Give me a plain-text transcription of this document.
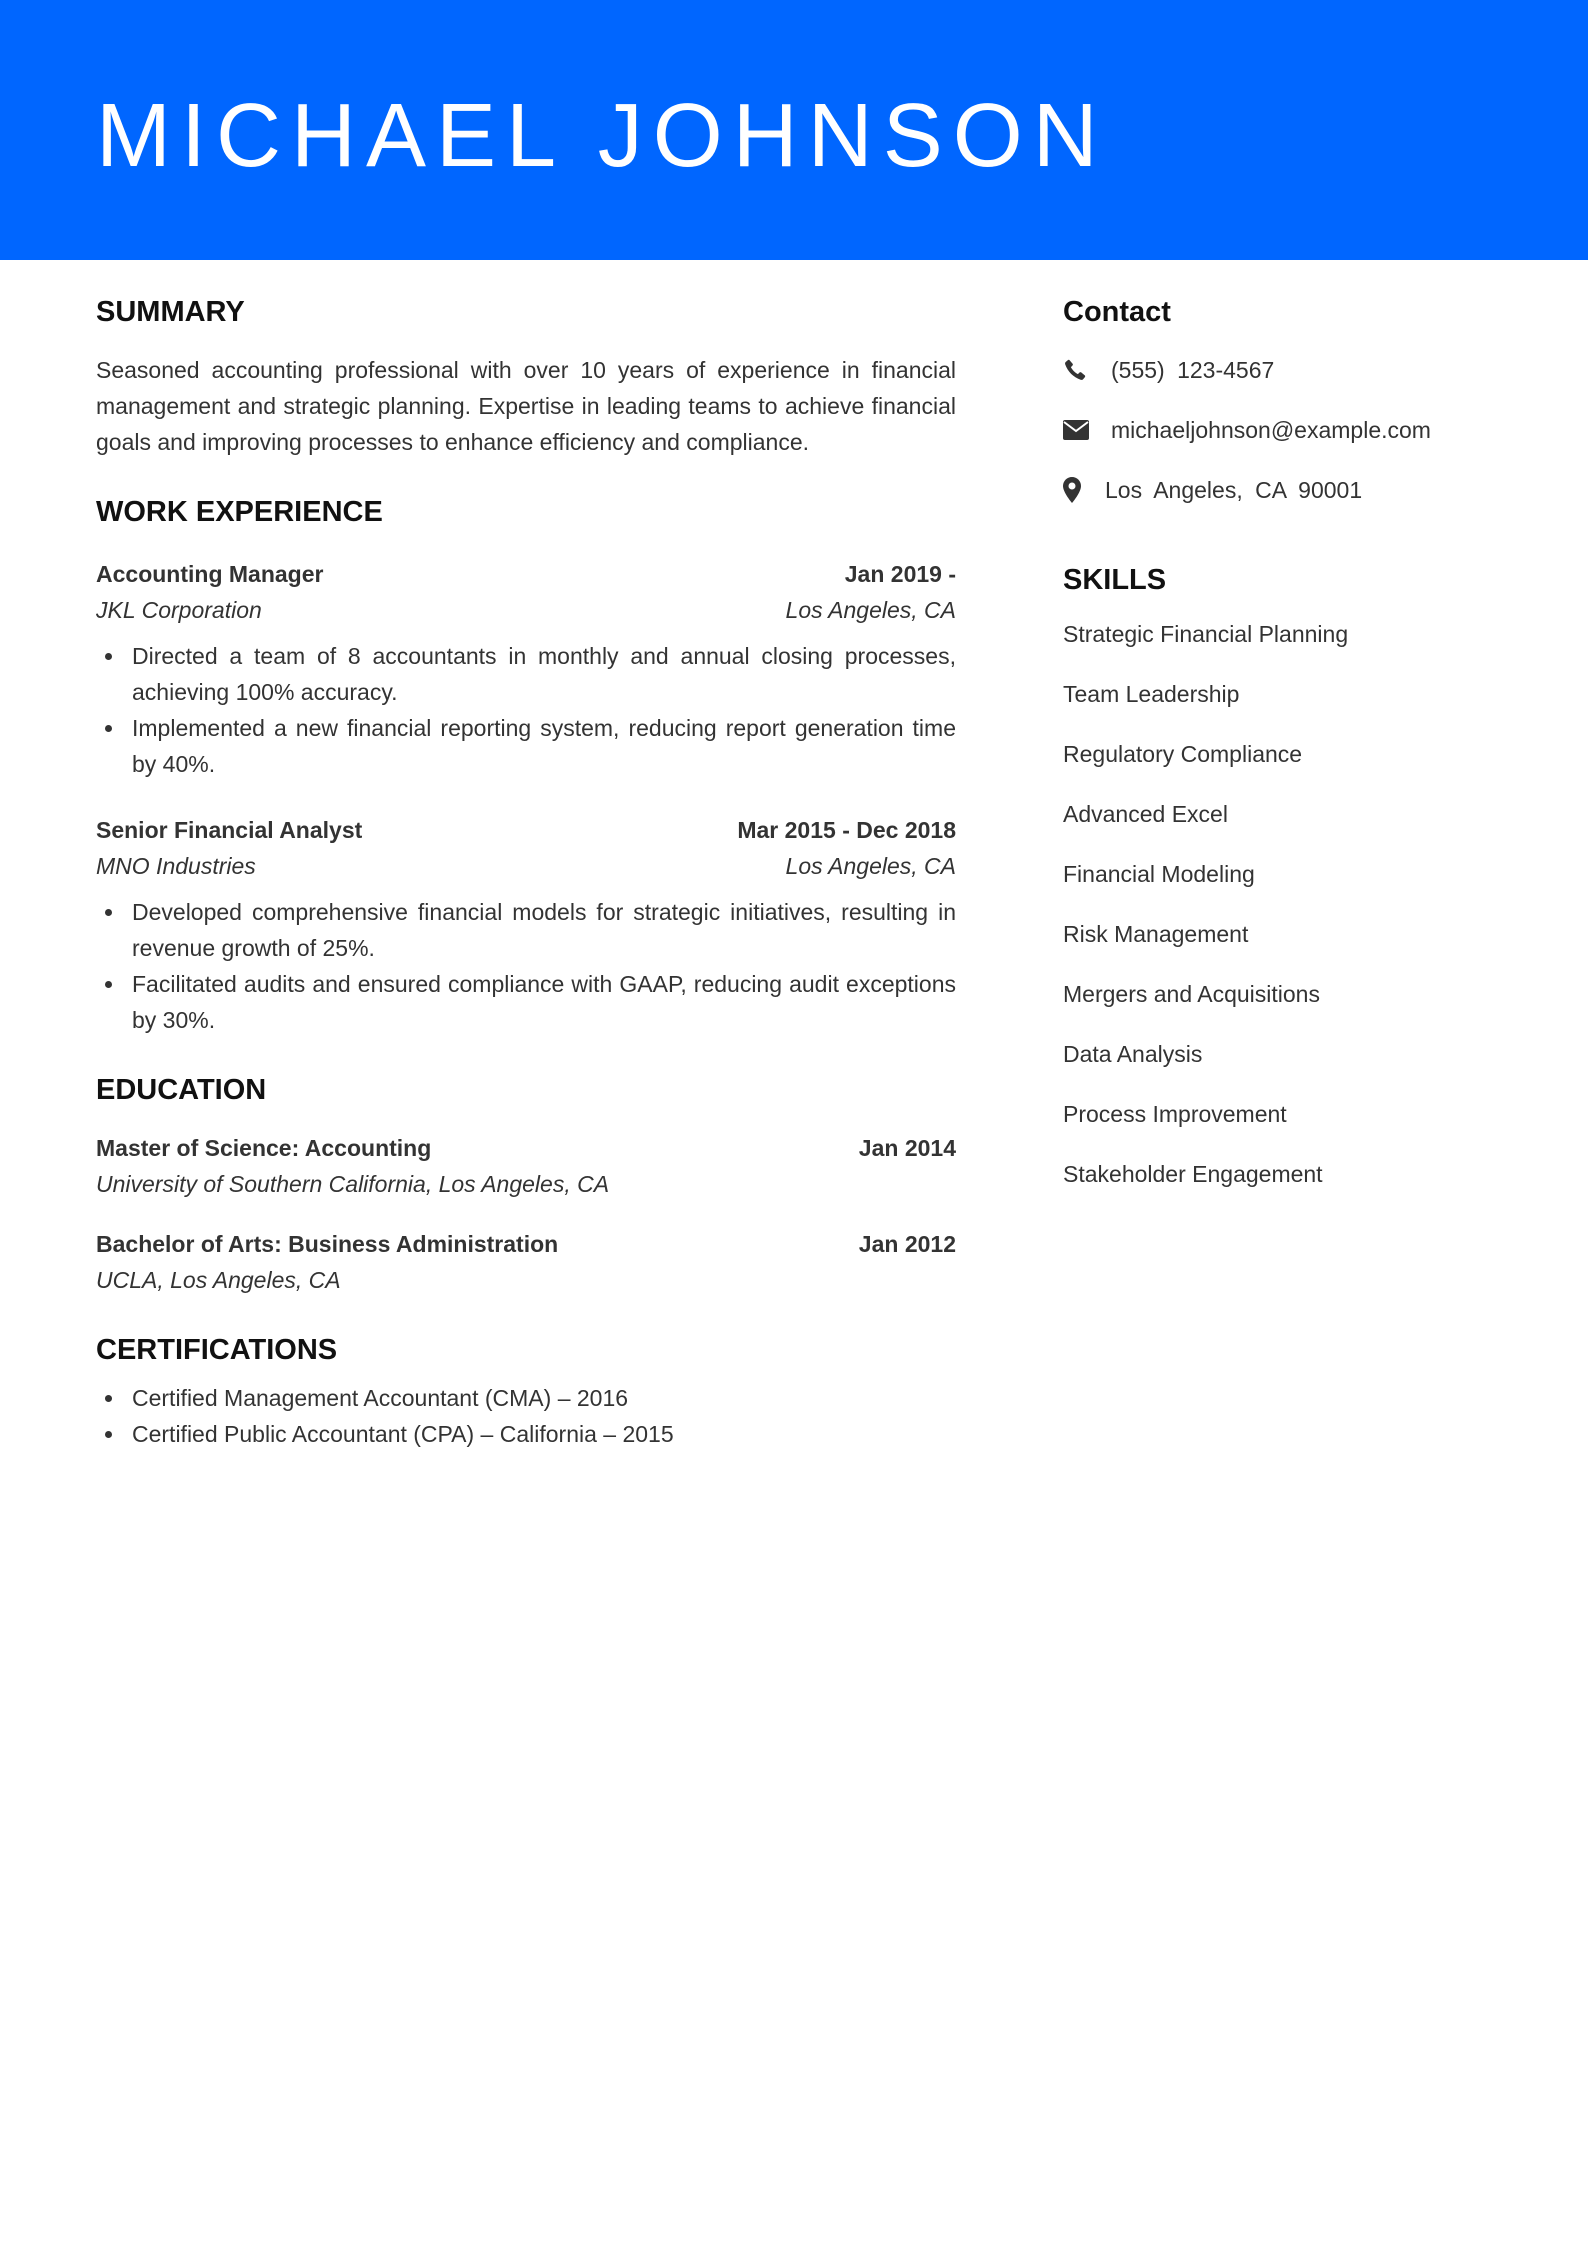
MICHAEL JOHNSON
SUMMARY

Seasoned accounting professional with over 10 years of experience in financial management and strategic planning. Expertise in leading teams to achieve financial goals and improving processes to enhance efficiency and compliance.

WORK EXPERIENCE
Accounting Manager	Jan 2019 -
JKL Corporation	Los Angeles, CA
Directed a team of 8 accountants in monthly and annual closing processes, achieving 100% accuracy.
Implemented a new financial reporting system, reducing report generation time by 40%.
Senior Financial Analyst	Mar 2015 - Dec 2018
MNO Industries	Los Angeles, CA
Developed comprehensive financial models for strategic initiatives, resulting in revenue growth of 25%.
Facilitated audits and ensured compliance with GAAP, reducing audit exceptions by 30%.
EDUCATION
Master of Science: Accounting	Jan 2014
University of Southern California, Los Angeles, CA
Bachelor of Arts: Business Administration	Jan 2012
UCLA, Los Angeles, CA
CERTIFICATIONS
Certified Management Accountant (CMA) – 2016
Certified Public Accountant (CPA) – California – 2015
Contact
(555) 123-4567
michaeljohnson@example.com
Los Angeles, CA 90001
SKILLS
Strategic Financial Planning
Team Leadership
Regulatory Compliance
Advanced Excel
Financial Modeling
Risk Management
Mergers and Acquisitions
Data Analysis
Process Improvement
Stakeholder Engagement
